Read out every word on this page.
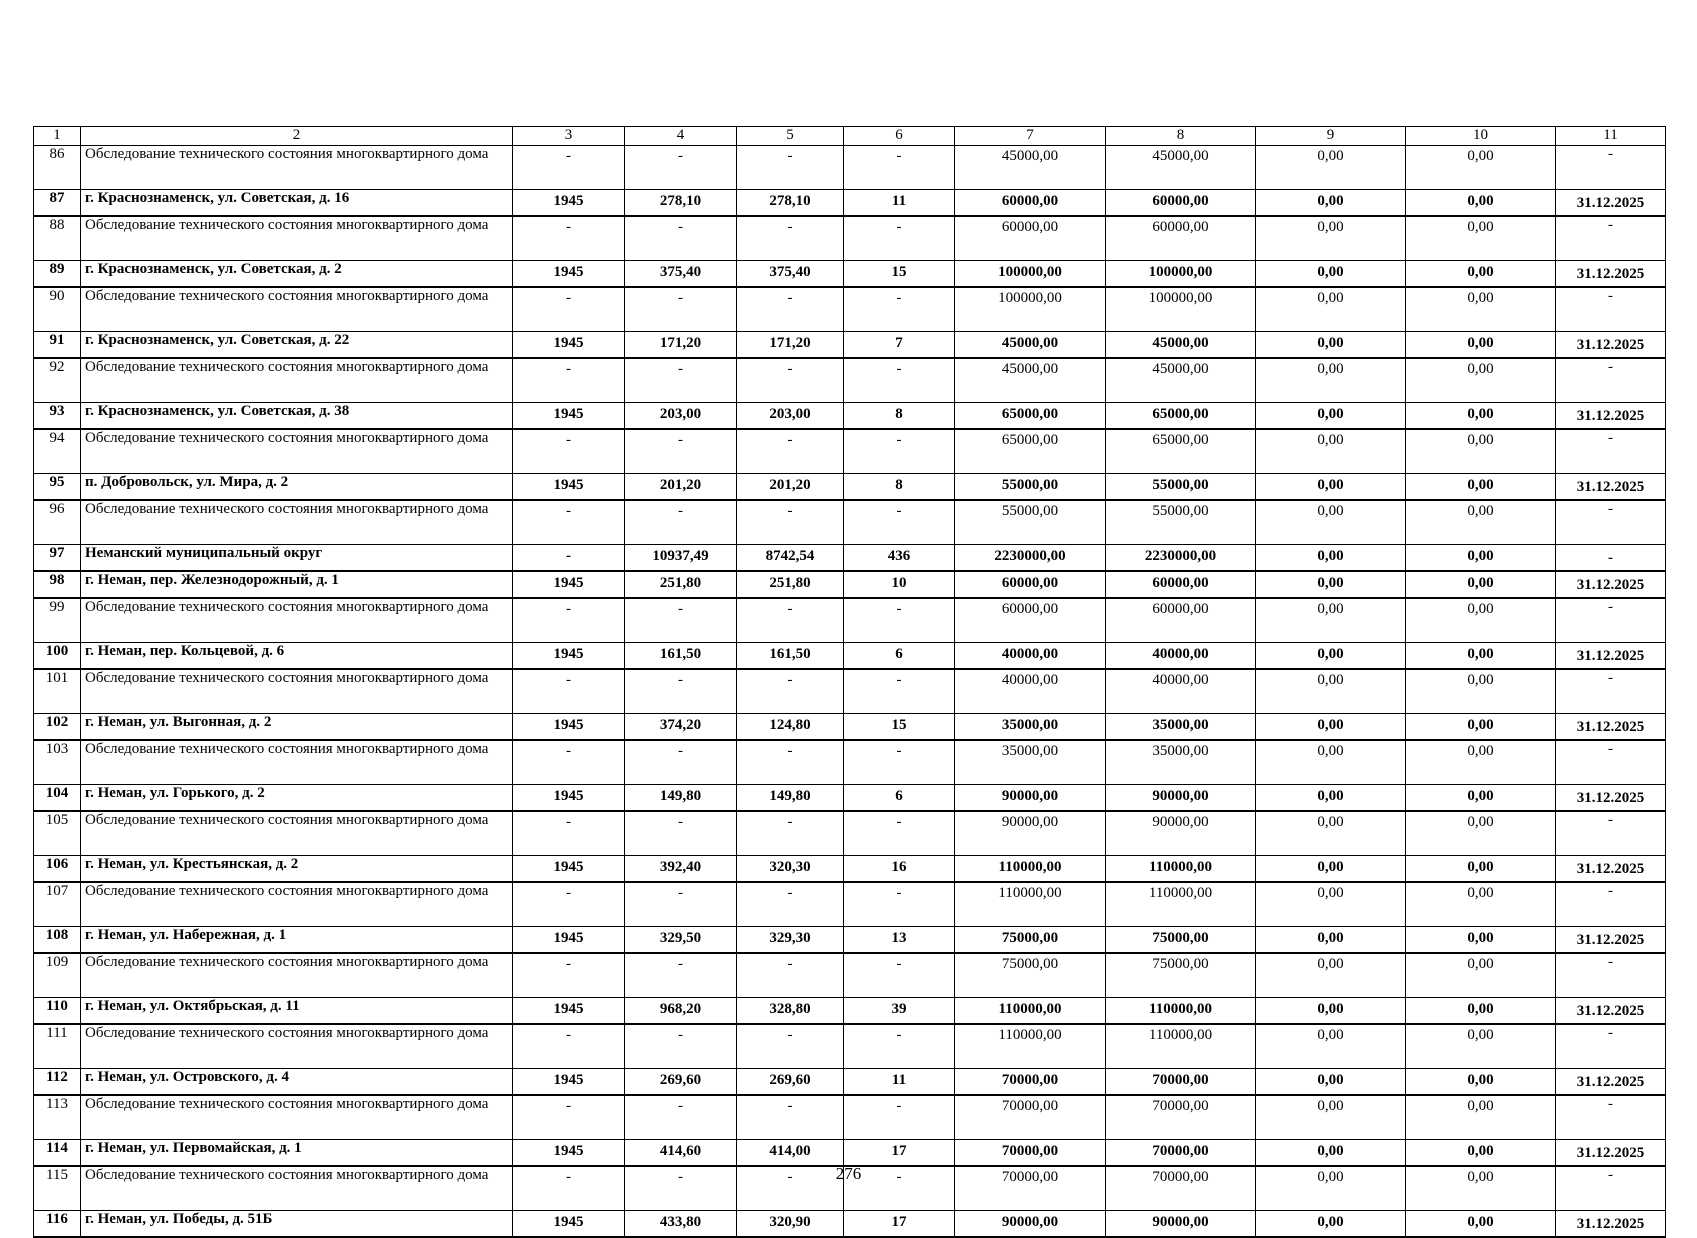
1	2	3	4	5	6	7	8	9	10	11
86	Обследование технического состояния многоквартирного дома	-	-	-	-	45000,00	45000,00	0,00	0,00	-
87	г. Краснознаменск, ул. Советская, д. 16	1945	278,10	278,10	11	60000,00	60000,00	0,00	0,00	31.12.2025
88	Обследование технического состояния многоквартирного дома	-	-	-	-	60000,00	60000,00	0,00	0,00	-
89	г. Краснознаменск, ул. Советская, д. 2	1945	375,40	375,40	15	100000,00	100000,00	0,00	0,00	31.12.2025
90	Обследование технического состояния многоквартирного дома	-	-	-	-	100000,00	100000,00	0,00	0,00	-
91	г. Краснознаменск, ул. Советская, д. 22	1945	171,20	171,20	7	45000,00	45000,00	0,00	0,00	31.12.2025
92	Обследование технического состояния многоквартирного дома	-	-	-	-	45000,00	45000,00	0,00	0,00	-
93	г. Краснознаменск, ул. Советская, д. 38	1945	203,00	203,00	8	65000,00	65000,00	0,00	0,00	31.12.2025
94	Обследование технического состояния многоквартирного дома	-	-	-	-	65000,00	65000,00	0,00	0,00	-
95	п. Добровольск, ул. Мира, д. 2	1945	201,20	201,20	8	55000,00	55000,00	0,00	0,00	31.12.2025
96	Обследование технического состояния многоквартирного дома	-	-	-	-	55000,00	55000,00	0,00	0,00	-
97	Неманский муниципальный округ	-	10937,49	8742,54	436	2230000,00	2230000,00	0,00	0,00	-
98	г. Неман, пер. Железнодорожный, д. 1	1945	251,80	251,80	10	60000,00	60000,00	0,00	0,00	31.12.2025
99	Обследование технического состояния многоквартирного дома	-	-	-	-	60000,00	60000,00	0,00	0,00	-
100	г. Неман, пер. Кольцевой, д. 6	1945	161,50	161,50	6	40000,00	40000,00	0,00	0,00	31.12.2025
101	Обследование технического состояния многоквартирного дома	-	-	-	-	40000,00	40000,00	0,00	0,00	-
102	г. Неман, ул. Выгонная, д. 2	1945	374,20	124,80	15	35000,00	35000,00	0,00	0,00	31.12.2025
103	Обследование технического состояния многоквартирного дома	-	-	-	-	35000,00	35000,00	0,00	0,00	-
104	г. Неман, ул. Горького, д. 2	1945	149,80	149,80	6	90000,00	90000,00	0,00	0,00	31.12.2025
105	Обследование технического состояния многоквартирного дома	-	-	-	-	90000,00	90000,00	0,00	0,00	-
106	г. Неман, ул. Крестьянская, д. 2	1945	392,40	320,30	16	110000,00	110000,00	0,00	0,00	31.12.2025
107	Обследование технического состояния многоквартирного дома	-	-	-	-	110000,00	110000,00	0,00	0,00	-
108	г. Неман, ул. Набережная, д. 1	1945	329,50	329,30	13	75000,00	75000,00	0,00	0,00	31.12.2025
109	Обследование технического состояния многоквартирного дома	-	-	-	-	75000,00	75000,00	0,00	0,00	-
110	г. Неман, ул. Октябрьская, д. 11	1945	968,20	328,80	39	110000,00	110000,00	0,00	0,00	31.12.2025
111	Обследование технического состояния многоквартирного дома	-	-	-	-	110000,00	110000,00	0,00	0,00	-
112	г. Неман, ул. Островского, д. 4	1945	269,60	269,60	11	70000,00	70000,00	0,00	0,00	31.12.2025
113	Обследование технического состояния многоквартирного дома	-	-	-	-	70000,00	70000,00	0,00	0,00	-
114	г. Неман, ул. Первомайская, д. 1	1945	414,60	414,00	17	70000,00	70000,00	0,00	0,00	31.12.2025
115	Обследование технического состояния многоквартирного дома	-	-	-	-	70000,00	70000,00	0,00	0,00	-
116	г. Неман, ул. Победы, д. 51Б	1945	433,80	320,90	17	90000,00	90000,00	0,00	0,00	31.12.2025
276
